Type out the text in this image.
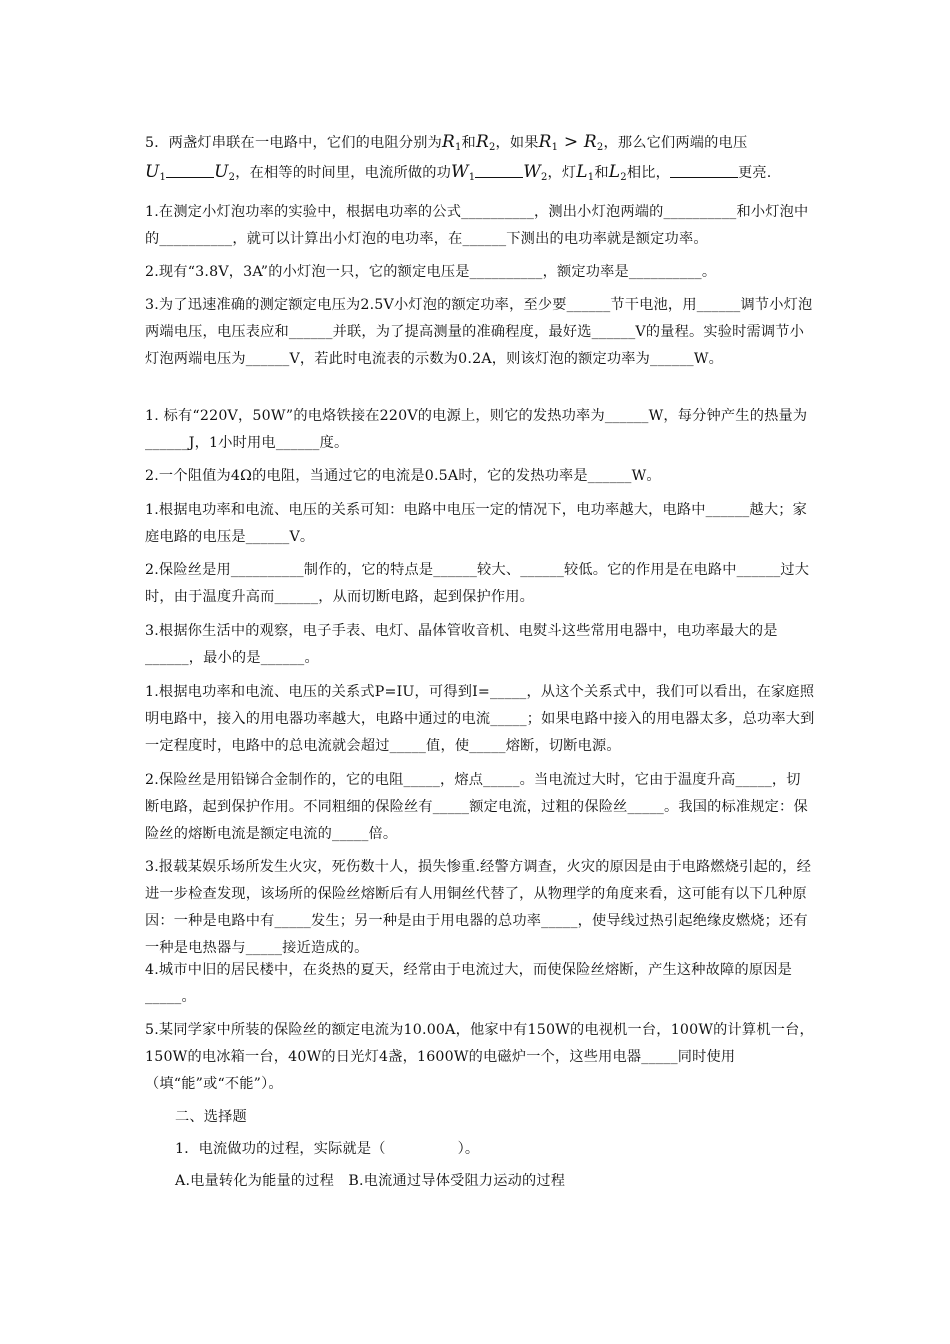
5．两盏灯串联在一电路中，它们的电阻分别为$R_1$和$R_2$，如果$R_1 > R_2$，那么它们两端的电压
$U_1$	$U_2$，在相等的时间里，电流所做的功$W_1$	$W_2$，灯$L_1$和$L_2$相比，	更亮.

1.在测定小灯泡功率的实验中，根据电功率的公式__________，测出小灯泡两端的__________和小灯泡中的__________，就可以计算出小灯泡的电功率，在______下测出的电功率就是额定功率。

2.现有“3.8V，3A”的小灯泡一只，它的额定电压是__________，额定功率是__________。

3.为了迅速准确的测定额定电压为2.5V小灯泡的额定功率，至少要______节干电池，用______调节小灯泡两端电压，电压表应和______并联，为了提高测量的准确程度，最好选______V的量程。实验时需调节小灯泡两端电压为______V，若此时电流表的示数为0.2A，则该灯泡的额定功率为______W。

1. 标有“220V，50W”的电烙铁接在220V的电源上，则它的发热功率为______W，每分钟产生的热量为______J，1小时用电______度。

2.一个阻值为4Ω的电阻，当通过它的电流是0.5A时，它的发热功率是______W。

1.根据电功率和电流、电压的关系可知：电路中电压一定的情况下，电功率越大，电路中______越大；家庭电路的电压是______V。

2.保险丝是用__________制作的，它的特点是______较大、______较低。它的作用是在电路中______过大时，由于温度升高而______，从而切断电路，起到保护作用。

3.根据你生活中的观察，电子手表、电灯、晶体管收音机、电熨斗这些常用电器中，电功率最大的是______，最小的是______。

1.根据电功率和电流、电压的关系式P=IU，可得到I=_____，从这个关系式中，我们可以看出，在家庭照明电路中，接入的用电器功率越大，电路中通过的电流_____；如果电路中接入的用电器太多，总功率大到一定程度时，电路中的总电流就会超过_____值，使_____熔断，切断电源。

2.保险丝是用铅锑合金制作的，它的电阻_____，熔点_____。当电流过大时，它由于温度升高_____，切断电路，起到保护作用。不同粗细的保险丝有_____额定电流，过粗的保险丝_____。我国的标准规定：保险丝的熔断电流是额定电流的_____倍。

3.报载某娱乐场所发生火灾，死伤数十人，损失惨重.经警方调查，火灾的原因是由于电路燃烧引起的，经进一步检查发现，该场所的保险丝熔断后有人用铜丝代替了，从物理学的角度来看，这可能有以下几种原因：一种是电路中有_____发生；另一种是由于用电器的总功率_____，使导线过热引起绝缘皮燃烧；还有一种是电热器与_____接近造成的。

4.城市中旧的居民楼中，在炎热的夏天，经常由于电流过大，而使保险丝熔断，产生这种故障的原因是_____。

5.某同学家中所装的保险丝的额定电流为10.00A，他家中有150W的电视机一台，100W的计算机一台，150W的电冰箱一台，40W的日光灯4盏，1600W的电磁炉一个，这些用电器_____同时使用（填“能”或“不能”）。

二、选择题

1．电流做功的过程，实际就是（　　　　　）。

A.电量转化为能量的过程　B.电流通过导体受阻力运动的过程
